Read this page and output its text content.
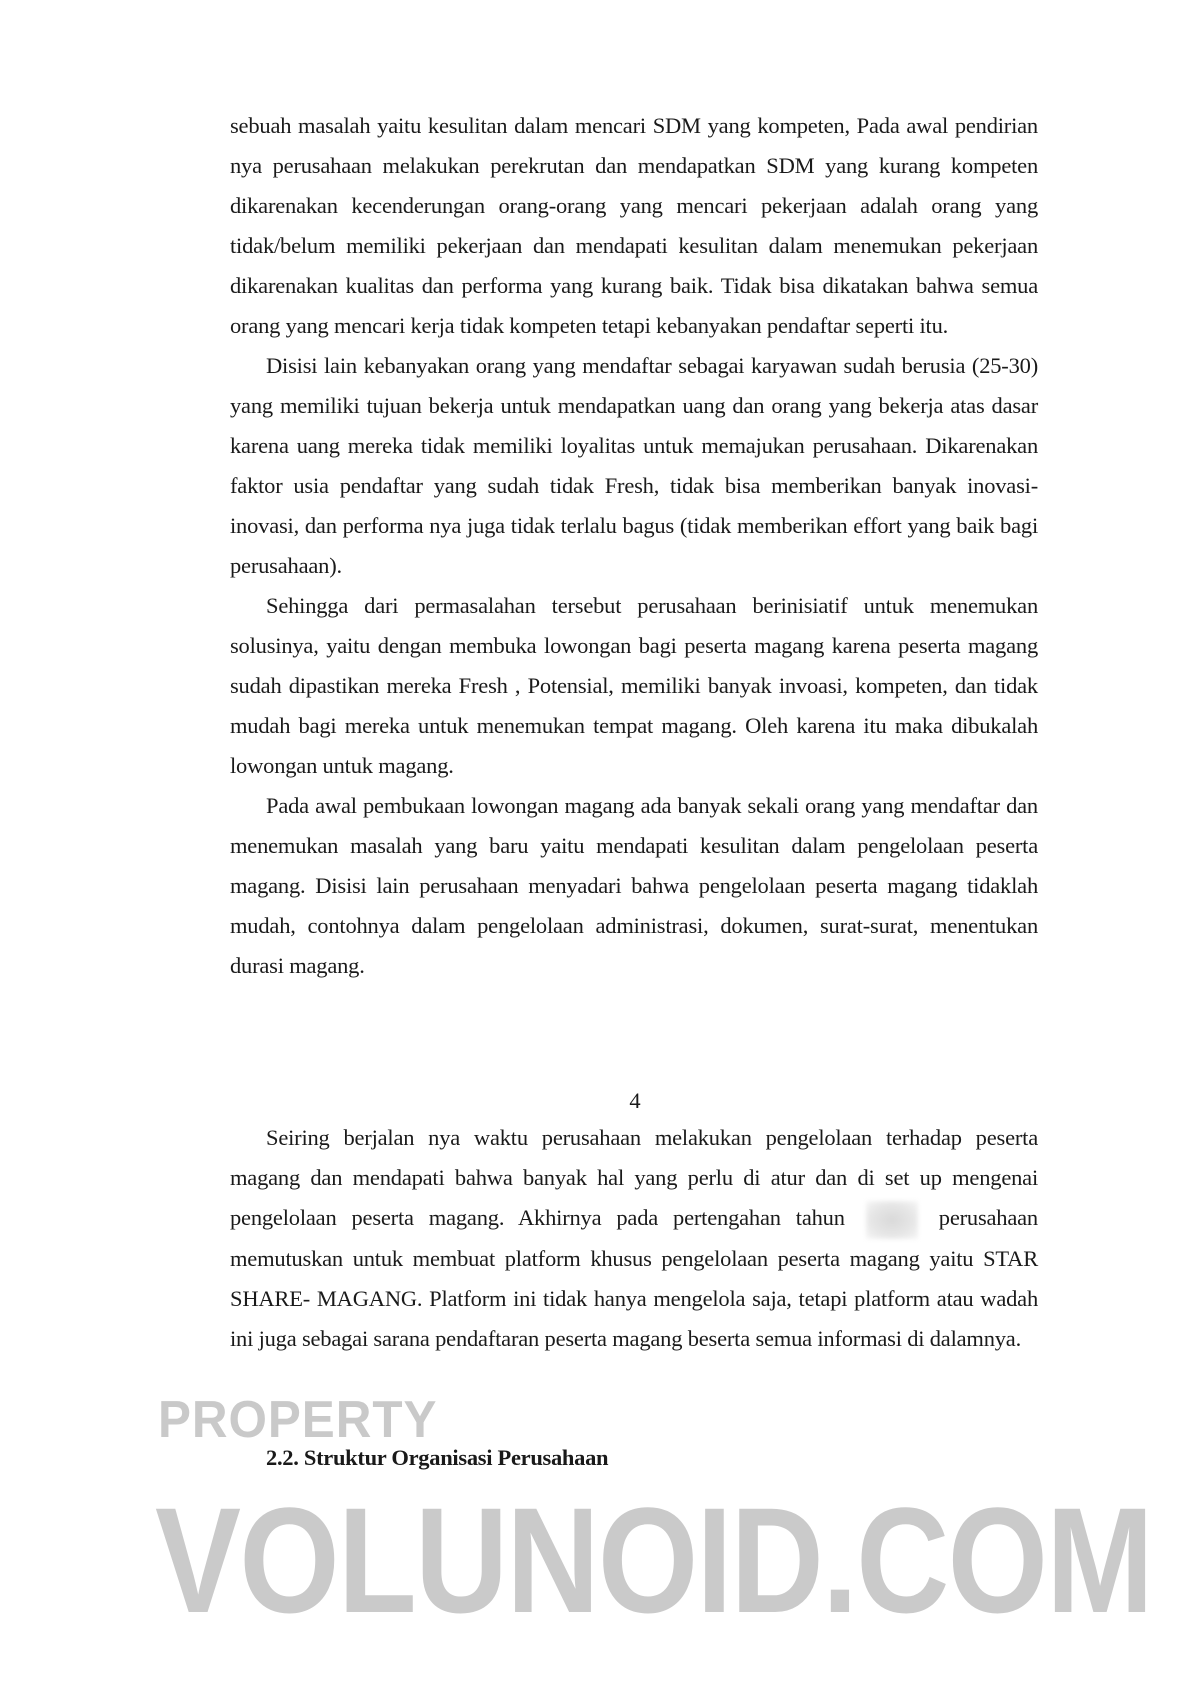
sebuah masalah yaitu kesulitan dalam mencari SDM yang kompeten, Pada awal pendirian nya perusahaan melakukan perekrutan dan mendapatkan SDM yang kurang kompeten dikarenakan kecenderungan orang-orang yang mencari pekerjaan adalah orang yang tidak/belum memiliki pekerjaan dan mendapati kesulitan dalam menemukan pekerjaan dikarenakan kualitas dan performa yang kurang baik. Tidak bisa dikatakan bahwa semua orang yang mencari kerja tidak kompeten tetapi kebanyakan pendaftar seperti itu.

Disisi lain kebanyakan orang yang mendaftar sebagai karyawan sudah berusia (25-30) yang memiliki tujuan bekerja untuk mendapatkan uang dan orang yang bekerja atas dasar karena uang mereka tidak memiliki loyalitas untuk memajukan perusahaan. Dikarenakan faktor usia pendaftar yang sudah tidak Fresh, tidak bisa memberikan banyak inovasi-inovasi, dan performa nya juga tidak terlalu bagus (tidak memberikan effort yang baik bagi perusahaan).

Sehingga dari permasalahan tersebut perusahaan berinisiatif untuk menemukan solusinya, yaitu dengan membuka lowongan bagi peserta magang karena peserta magang sudah dipastikan mereka Fresh , Potensial, memiliki banyak invoasi, kompeten, dan tidak mudah bagi mereka untuk menemukan tempat magang. Oleh karena itu maka dibukalah lowongan untuk magang.

Pada awal pembukaan lowongan magang ada banyak sekali orang yang mendaftar dan menemukan masalah yang baru yaitu mendapati kesulitan dalam pengelolaan peserta magang. Disisi lain perusahaan menyadari bahwa pengelolaan peserta magang tidaklah mudah, contohnya dalam pengelolaan administrasi, dokumen, surat-surat, menentukan durasi magang.

4

Seiring berjalan nya waktu perusahaan melakukan pengelolaan terhadap peserta magang dan mendapati bahwa banyak hal yang perlu di atur dan di set up mengenai pengelolaan peserta magang. Akhirnya pada pertengahan tahun	perusahaan memutuskan untuk membuat platform khusus pengelolaan peserta magang yaitu STAR SHARE- MAGANG. Platform ini tidak hanya mengelola saja, tetapi platform atau wadah ini juga sebagai sarana pendaftaran peserta magang beserta semua informasi di dalamnya.

PROPERTY
2.2. Struktur Organisasi Perusahaan
VOLUNOID.COM
